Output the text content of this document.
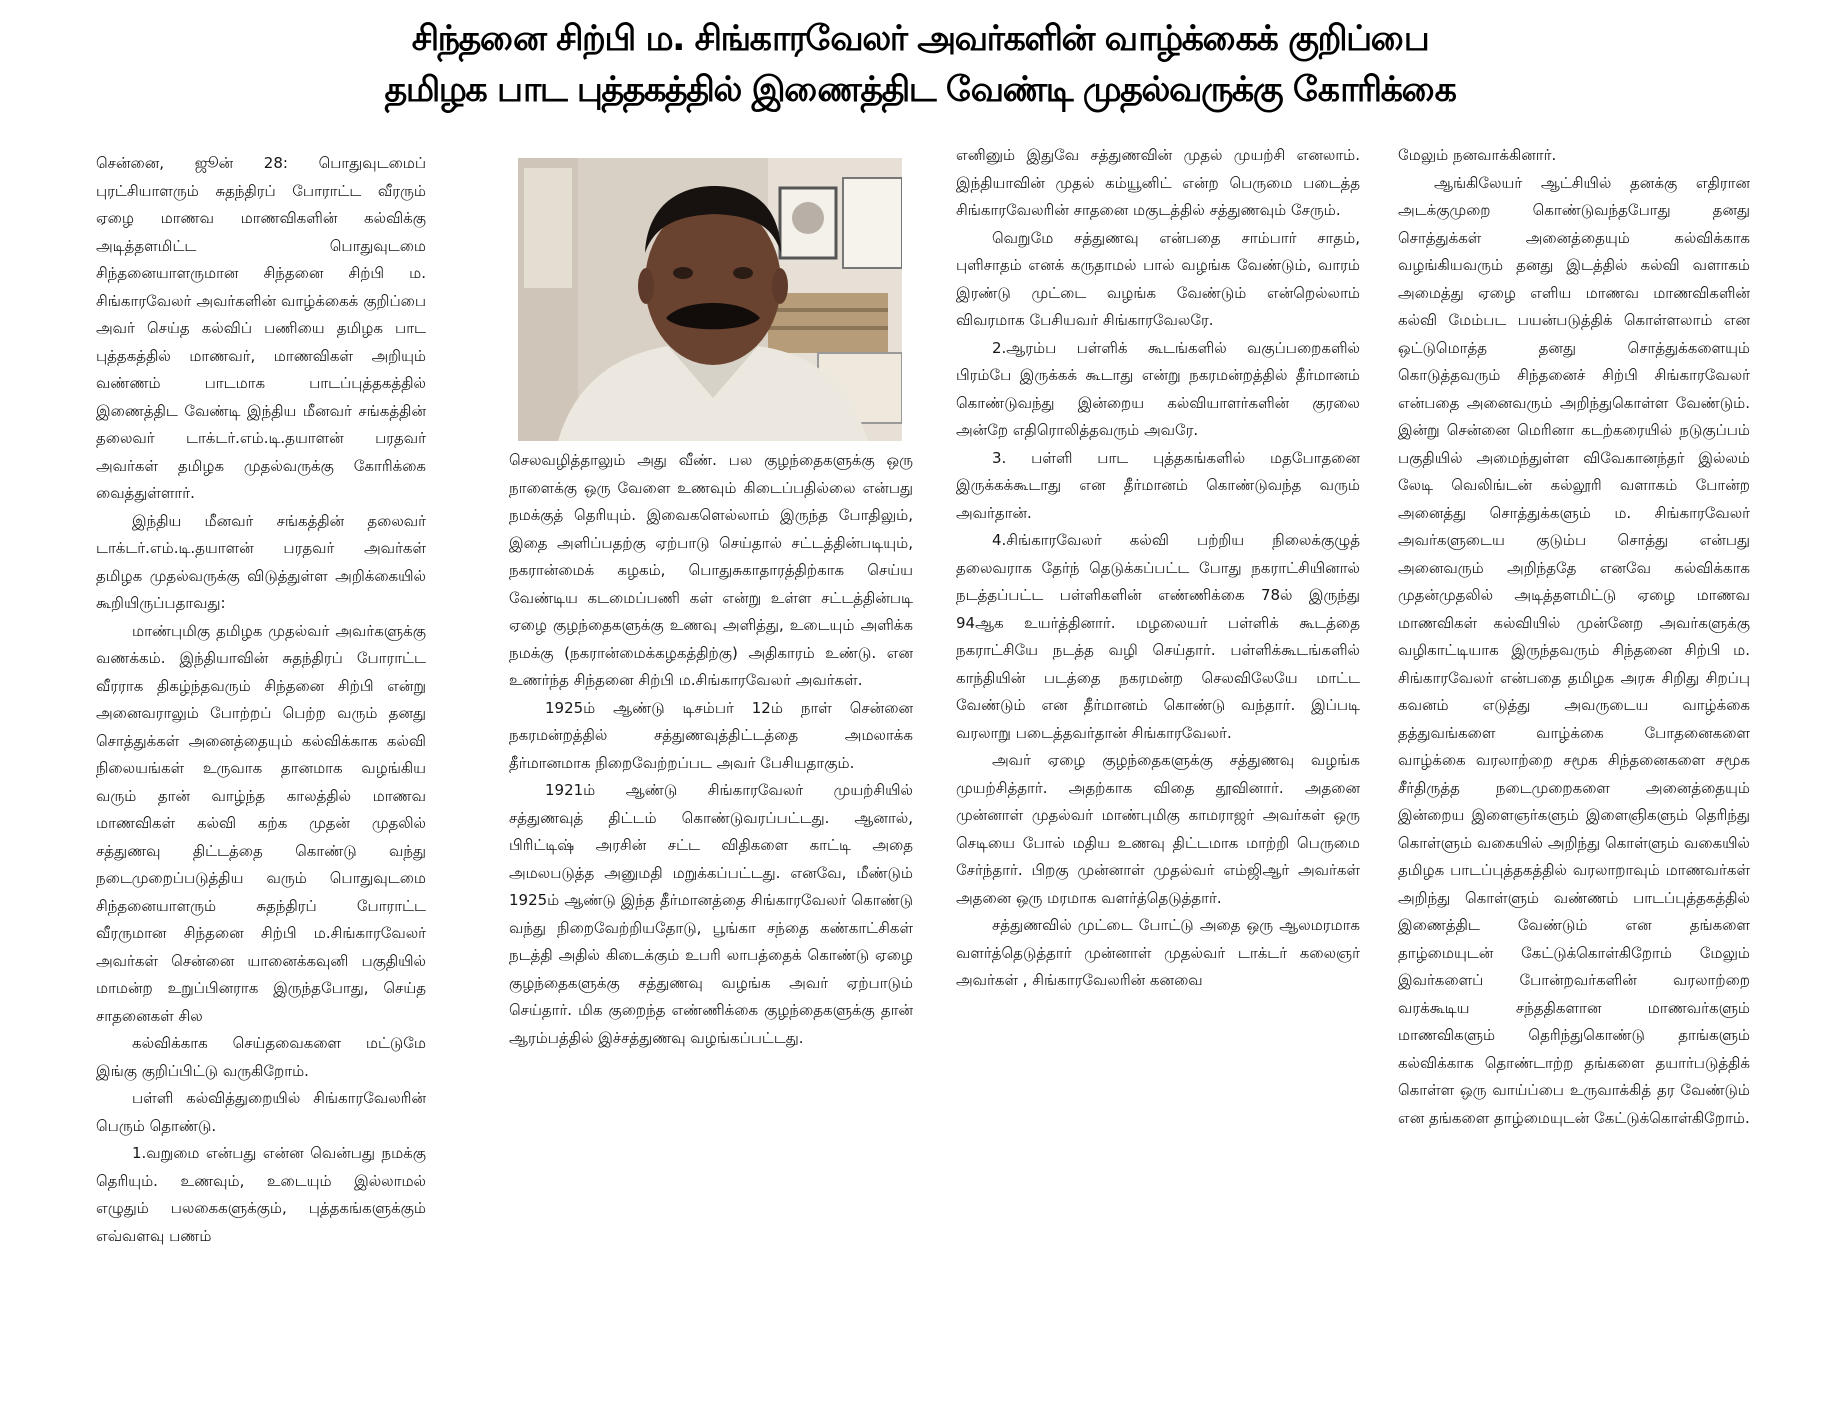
சிந்தனை சிற்பி ம. சிங்காரவேலர் அவர்களின் வாழ்க்கைக் குறிப்பை
தமிழக பாட புத்தகத்தில் இணைத்திட வேண்டி முதல்வருக்கு கோரிக்கை

சென்னை, ஜூன் 28: பொதுவுடமைப் புரட்சியாளரும் சுதந்திரப் போராட்ட வீரரும் ஏழை மாணவ மாணவிகளின் கல்விக்கு அடித்தளமிட்ட பொதுவுடமை சிந்தனையாளருமான சிந்தனை சிற்பி ம. சிங்காரவேலர் அவர்களின் வாழ்க்கைக் குறிப்பை அவர் செய்த கல்விப் பணியை தமிழக பாட புத்தகத்தில் மாணவர், மாணவிகள் அறியும் வண்ணம் பாடமாக பாடப்புத்தகத்தில் இணைத்திட வேண்டி இந்திய மீனவர் சங்கத்தின் தலைவர் டாக்டர்.எம்.டி.தயாளன் பரதவர் அவர்கள் தமிழக முதல்வருக்கு கோரிக்கை வைத்துள்ளார்.

இந்திய மீனவர் சங்கத்தின் தலைவர் டாக்டர்.எம்.டி.தயாளன் பரதவர் அவர்கள் தமிழக முதல்வருக்கு விடுத்துள்ள அறிக்கையில் கூறியிருப்பதாவது:

மாண்புமிகு தமிழக முதல்வர் அவர்களுக்கு வணக்கம். இந்தியாவின் சுதந்திரப் போராட்ட வீரராக திகழ்ந்தவரும் சிந்தனை சிற்பி என்று அனைவராலும் போற்றப் பெற்ற வரும் தனது சொத்துக்கள் அனைத்தையும் கல்விக்காக கல்வி நிலையங்கள் உருவாக தானமாக வழங்கிய வரும் தான் வாழ்ந்த காலத்தில் மாணவ மாணவிகள் கல்வி கற்க முதன் முதலில் சத்துணவு திட்டத்தை கொண்டு வந்து நடைமுறைப்படுத்திய வரும் பொதுவுடமை சிந்தனையாளரும் சுதந்திரப் போராட்ட வீரருமான சிந்தனை சிற்பி ம.சிங்காரவேலர் அவர்கள் சென்னை யானைக்கவுனி பகுதியில் மாமன்ற உறுப்பினராக இருந்தபோது, செய்த சாதனைகள் சில

கல்விக்காக செய்தவைகளை மட்டுமே இங்கு குறிப்பிட்டு வருகிறோம்.

பள்ளி கல்வித்துறையில் சிங்காரவேலரின் பெரும் தொண்டு.

1.வறுமை என்பது என்ன வென்பது நமக்கு தெரியும். உணவும், உடையும் இல்லாமல் எழுதும் பலகைகளுக்கும், புத்தகங்களுக்கும் எவ்வளவு பணம்

செலவழித்தாலும் அது வீண். பல குழந்தைகளுக்கு ஒரு நாளைக்கு ஒரு வேளை உணவும் கிடைப்பதில்லை என்பது நமக்குத் தெரியும். இவைகளெல்லாம் இருந்த போதிலும், இதை அளிப்பதற்கு ஏற்பாடு செய்தால் சட்டத்தின்படியும், நகரான்மைக் கழகம், பொதுசுகாதாரத்திற்காக செய்ய வேண்டிய கடமைப்பணி கள் என்று உள்ள சட்டத்தின்படி ஏழை குழந்தைகளுக்கு உணவு அளித்து, உடையும் அளிக்க நமக்கு (நகரான்மைக்கழகத்திற்கு) அதிகாரம் உண்டு. என உணர்ந்த சிந்தனை சிற்பி ம.சிங்காரவேலர் அவர்கள்.

1925ம் ஆண்டு டிசம்பர் 12ம் நாள் சென்னை நகரமன்றத்தில் சத்துணவுத்திட்டத்தை அமலாக்க தீர்மானமாக நிறைவேற்றப்பட அவர் பேசியதாகும்.

1921ம் ஆண்டு சிங்காரவேலர் முயற்சியில் சத்துணவுத் திட்டம் கொண்டுவரப்பட்டது. ஆனால், பிரிட்டிஷ் அரசின் சட்ட விதிகளை காட்டி அதை அமலபடுத்த அனுமதி மறுக்கப்பட்டது. எனவே, மீண்டும் 1925ம் ஆண்டு இந்த தீர்மானத்தை சிங்காரவேலர் கொண்டு வந்து நிறைவேற்றியதோடு, பூங்கா சந்தை கண்காட்சிகள் நடத்தி அதில் கிடைக்கும் உபரி லாபத்தைக் கொண்டு ஏழை குழந்தைகளுக்கு சத்துணவு வழங்க அவர் ஏற்பாடும் செய்தார். மிக குறைந்த எண்ணிக்கை குழந்தைகளுக்கு தான் ஆரம்பத்தில் இச்சத்துணவு வழங்கப்பட்டது.

எனினும் இதுவே சத்துணவின் முதல் முயற்சி எனலாம். இந்தியாவின் முதல் கம்யூனிட் என்ற பெருமை படைத்த சிங்காரவேலரின் சாதனை மகுடத்தில் சத்துணவும் சேரும்.

வெறுமே சத்துணவு என்பதை சாம்பார் சாதம், புளிசாதம் எனக் கருதாமல் பால் வழங்க வேண்டும், வாரம் இரண்டு முட்டை வழங்க வேண்டும் என்றெல்லாம் விவரமாக பேசியவர் சிங்காரவேலரே.

2.ஆரம்ப பள்ளிக் கூடங்களில் வகுப்பறைகளில் பிரம்பே இருக்கக் கூடாது என்று நகரமன்றத்தில் தீர்மானம் கொண்டுவந்து இன்றைய கல்வியாளர்களின் குரலை அன்றே எதிரொலித்தவரும் அவரே.

3. பள்ளி பாட புத்தகங்களில் மதபோதனை இருக்கக்கூடாது என தீர்மானம் கொண்டுவந்த வரும் அவர்தான்.

4.சிங்காரவேலர் கல்வி பற்றிய நிலைக்குழுத் தலைவராக தேர்ந் தெடுக்கப்பட்ட போது நகராட்சியினால் நடத்தப்பட்ட பள்ளிகளின் எண்ணிக்கை 78ல் இருந்து 94ஆக உயர்த்தினார். மழலையர் பள்ளிக் கூடத்தை நகராட்சியே நடத்த வழி செய்தார். பள்ளிக்கூடங்களில் காந்தியின் படத்தை நகரமன்ற செலவிலேயே மாட்ட வேண்டும் என தீர்மானம் கொண்டு வந்தார். இப்படி வரலாறு படைத்தவர்தான் சிங்காரவேலர்.

அவர் ஏழை குழந்தைகளுக்கு சத்துணவு வழங்க முயற்சித்தார். அதற்காக விதை தூவினார். அதனை முன்னாள் முதல்வர் மாண்புமிகு காமராஜர் அவர்கள் ஒரு செடியை போல் மதிய உணவு திட்டமாக மாற்றி பெருமை சேர்ந்தார். பிறகு முன்னாள் முதல்வர் எம்ஜிஆர் அவர்கள் அதனை ஒரு மரமாக வளர்த்தெடுத்தார்.

சத்துணவில் முட்டை போட்டு அதை ஒரு ஆலமரமாக வளர்த்தெடுத்தார் முன்னாள் முதல்வர் டாக்டர் கலைஞர் அவர்கள் , சிங்காரவேலரின் கனவை

மேலும் நனவாக்கினார்.

ஆங்கிலேயர் ஆட்சியில் தனக்கு எதிரான அடக்குமுறை கொண்டுவந்தபோது தனது சொத்துக்கள் அனைத்தையும் கல்விக்காக வழங்கியவரும் தனது இடத்தில் கல்வி வளாகம் அமைத்து ஏழை எளிய மாணவ மாணவிகளின் கல்வி மேம்பட பயன்படுத்திக் கொள்ளலாம் என ஒட்டுமொத்த தனது சொத்துக்களையும் கொடுத்தவரும் சிந்தனைச் சிற்பி சிங்காரவேலர் என்பதை அனைவரும் அறிந்துகொள்ள வேண்டும். இன்று சென்னை மெரினா கடற்கரையில் நடுகுப்பம் பகுதியில் அமைந்துள்ள விவேகானந்தர் இல்லம் லேடி வெலிங்டன் கல்லூரி வளாகம் போன்ற அனைத்து சொத்துக்களும் ம. சிங்காரவேலர் அவர்களுடைய குடும்ப சொத்து என்பது அனைவரும் அறிந்ததே எனவே கல்விக்காக முதன்முதலில் அடித்தளமிட்டு ஏழை மாணவ மாணவிகள் கல்வியில் முன்னேற அவர்களுக்கு வழிகாட்டியாக இருந்தவரும் சிந்தனை சிற்பி ம. சிங்காரவேலர் என்பதை தமிழக அரசு சிறிது சிறப்பு கவனம் எடுத்து அவருடைய வாழ்க்கை தத்துவங்களை வாழ்க்கை போதனைகளை வாழ்க்கை வரலாற்றை சமூக சிந்தனைகளை சமூக சீர்திருத்த நடைமுறைகளை அனைத்தையும் இன்றைய இளைஞர்களும் இளைஞிகளும் தெரிந்து கொள்ளும் வகையில் அறிந்து கொள்ளும் வகையில் தமிழக பாடப்புத்தகத்தில் வரலாறாவும் மாணவர்கள் அறிந்து கொள்ளும் வண்ணம் பாடப்புத்தகத்தில் இணைத்திட வேண்டும் என தங்களை தாழ்மையுடன் கேட்டுக்கொள்கிறோம் மேலும் இவர்களைப் போன்றவர்களின் வரலாற்றை வரக்கூடிய சந்ததிகளான மாணவர்களும் மாணவிகளும் தெரிந்துகொண்டு தாங்களும் கல்விக்காக தொண்டாற்ற தங்களை தயார்படுத்திக் கொள்ள ஒரு வாய்ப்பை உருவாக்கித் தர வேண்டும் என தங்களை தாழ்மையுடன் கேட்டுக்கொள்கிறோம்.
